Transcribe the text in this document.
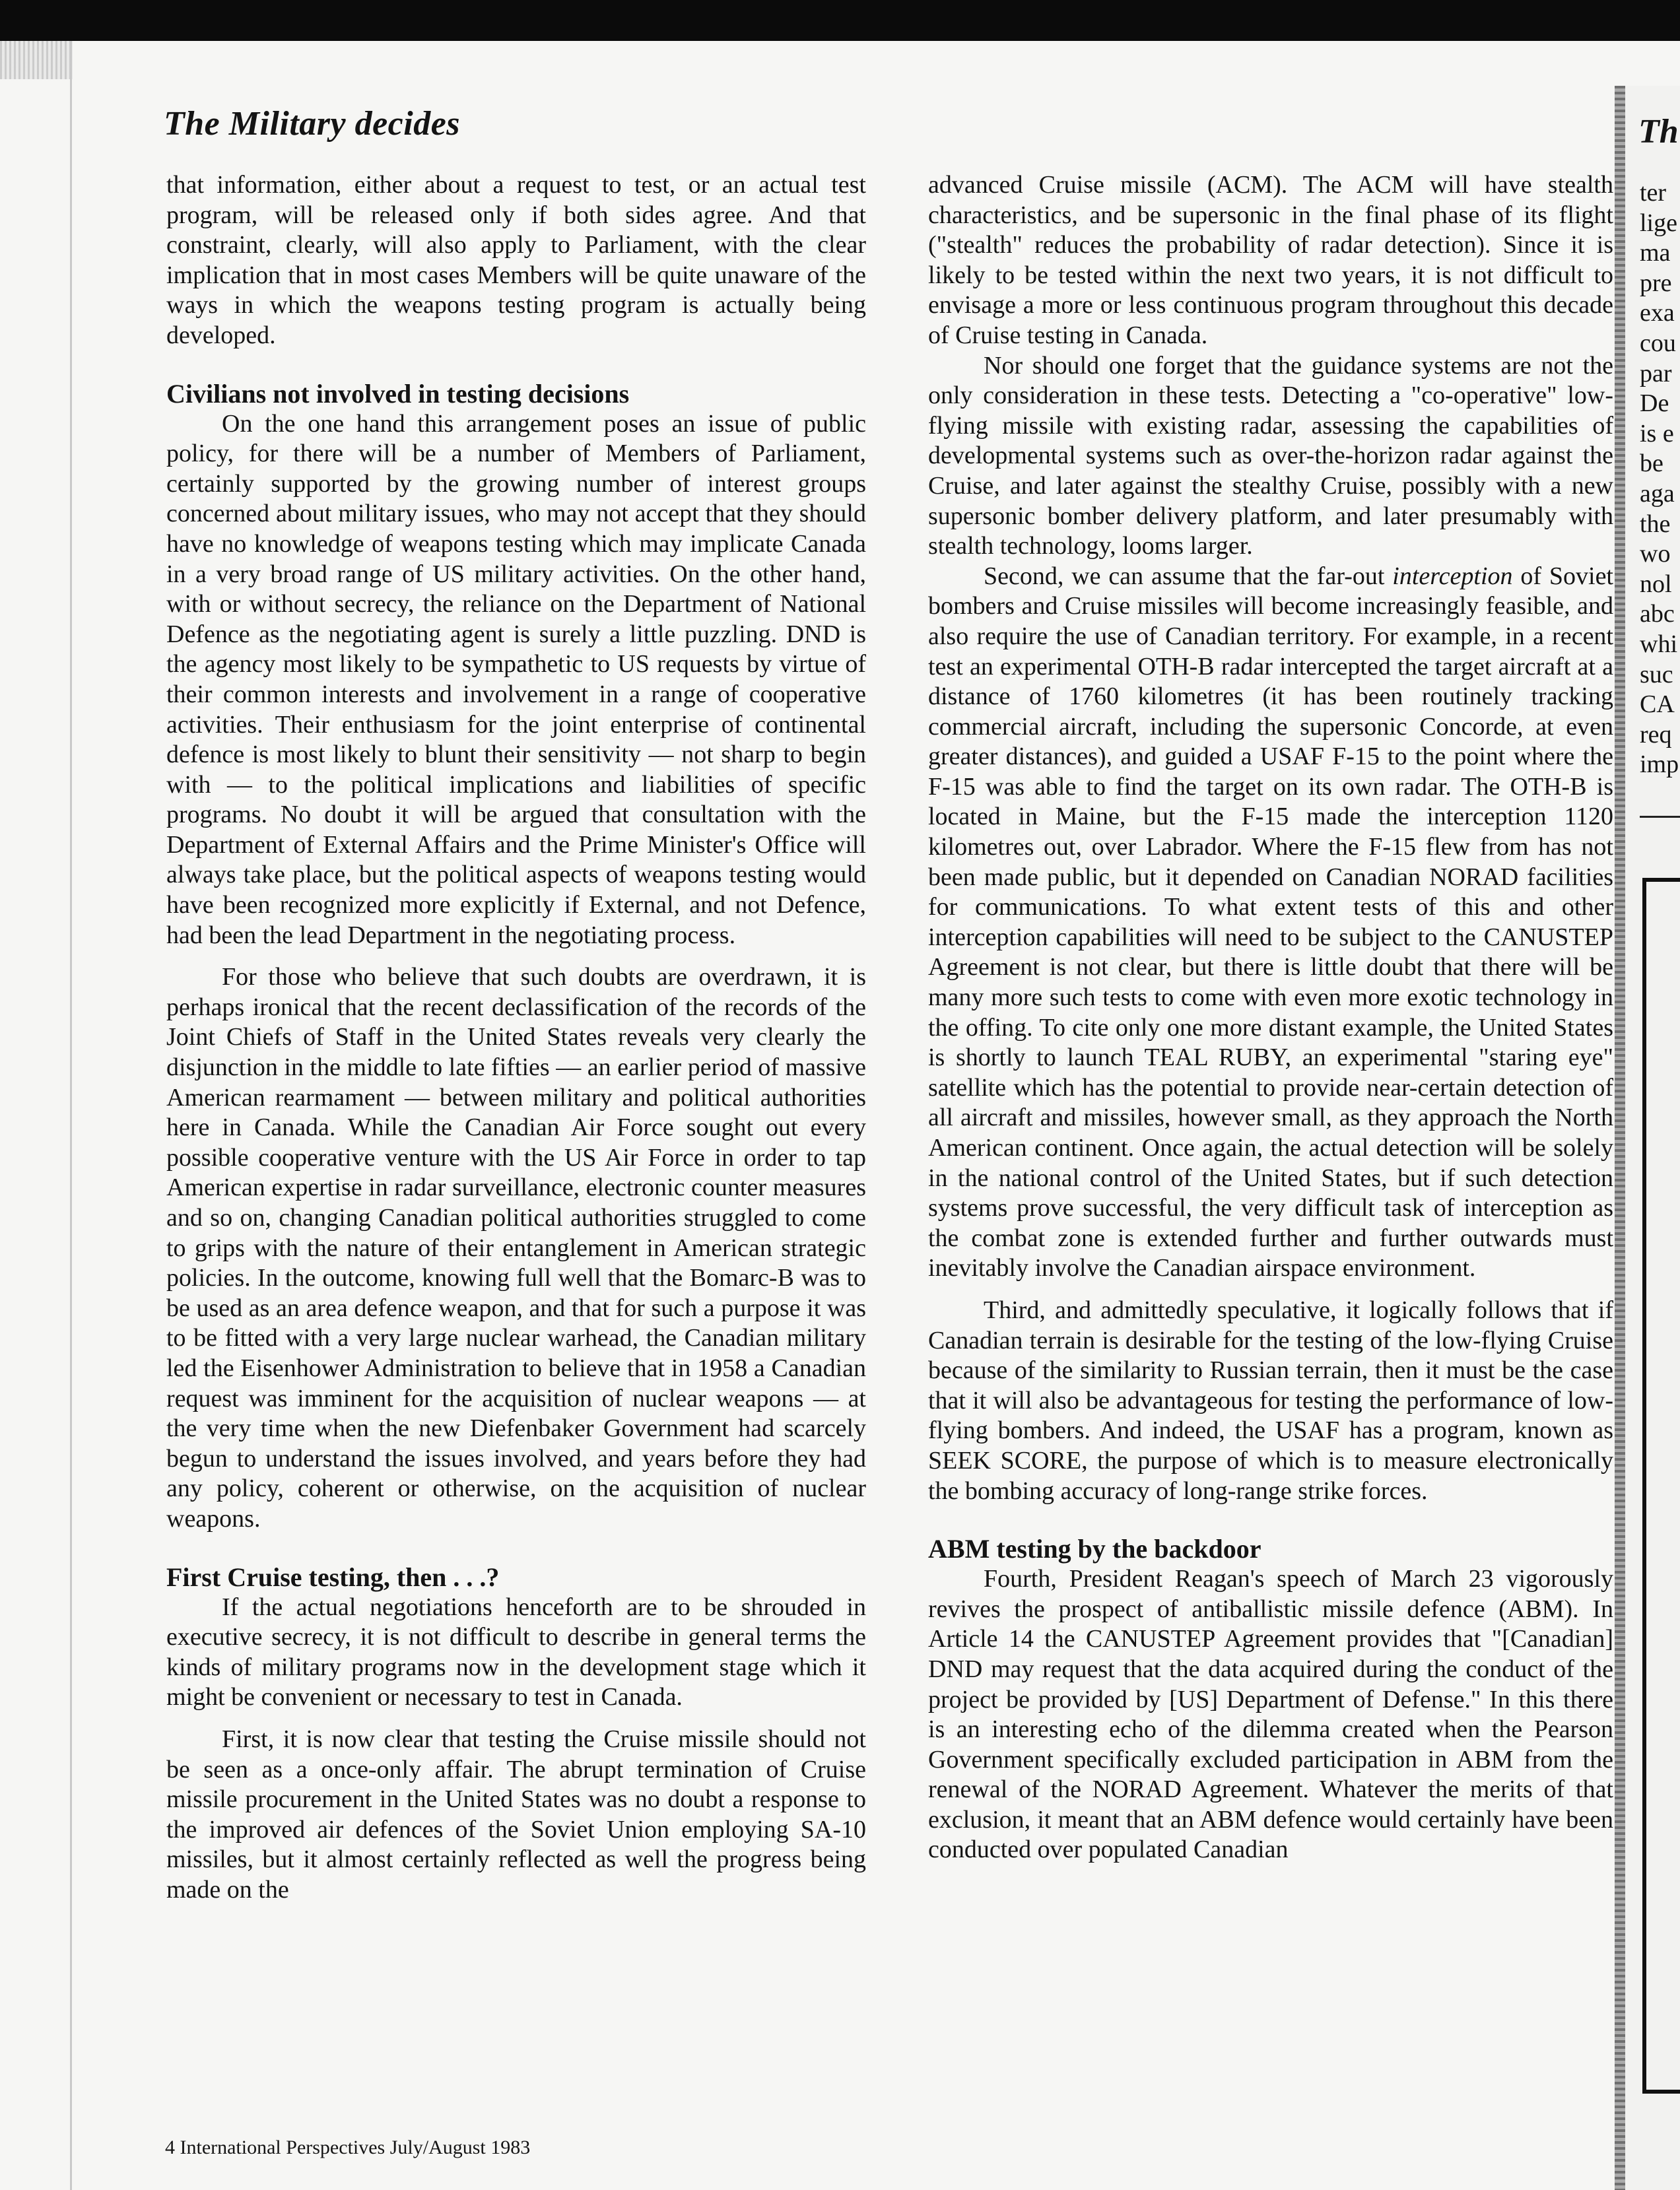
The Military decides

that information, either about a request to test, or an actual test program, will be released only if both sides agree. And that constraint, clearly, will also apply to Parliament, with the clear implication that in most cases Members will be quite unaware of the ways in which the weapons testing program is actually being developed.

Civilians not involved in testing decisions

On the one hand this arrangement poses an issue of public policy, for there will be a number of Members of Parliament, certainly supported by the growing number of interest groups concerned about military issues, who may not accept that they should have no knowledge of weapons testing which may implicate Canada in a very broad range of US military activities. On the other hand, with or without secrecy, the reliance on the Department of National Defence as the negotiating agent is surely a little puzzling. DND is the agency most likely to be sympathetic to US requests by virtue of their common interests and involvement in a range of cooperative activities. Their enthusiasm for the joint enterprise of continental defence is most likely to blunt their sensitivity — not sharp to begin with — to the political implications and liabilities of specific programs. No doubt it will be argued that consultation with the Department of External Affairs and the Prime Minister's Office will always take place, but the political aspects of weapons testing would have been recognized more explicitly if External, and not Defence, had been the lead Department in the negotiating process.

For those who believe that such doubts are overdrawn, it is perhaps ironical that the recent declassification of the records of the Joint Chiefs of Staff in the United States reveals very clearly the disjunction in the middle to late fifties — an earlier period of massive American rearmament — between military and political authorities here in Canada. While the Canadian Air Force sought out every possible cooperative venture with the US Air Force in order to tap American expertise in radar surveillance, electronic counter measures and so on, changing Canadian political authorities struggled to come to grips with the nature of their entanglement in American strategic policies. In the outcome, knowing full well that the Bomarc-B was to be used as an area defence weapon, and that for such a purpose it was to be fitted with a very large nuclear warhead, the Canadian military led the Eisenhower Administration to believe that in 1958 a Canadian request was imminent for the acquisition of nuclear weapons — at the very time when the new Diefenbaker Government had scarcely begun to understand the issues involved, and years before they had any policy, coherent or otherwise, on the acquisition of nuclear weapons.

First Cruise testing, then . . .?

If the actual negotiations henceforth are to be shrouded in executive secrecy, it is not difficult to describe in general terms the kinds of military programs now in the development stage which it might be convenient or necessary to test in Canada.

First, it is now clear that testing the Cruise missile should not be seen as a once-only affair. The abrupt termination of Cruise missile procurement in the United States was no doubt a response to the improved air defences of the Soviet Union employing SA-10 missiles, but it almost certainly reflected as well the progress being made on the

advanced Cruise missile (ACM). The ACM will have stealth characteristics, and be supersonic in the final phase of its flight ("stealth" reduces the probability of radar detection). Since it is likely to be tested within the next two years, it is not difficult to envisage a more or less continuous program throughout this decade of Cruise testing in Canada.

Nor should one forget that the guidance systems are not the only consideration in these tests. Detecting a "co-operative" low-flying missile with existing radar, assessing the capabilities of developmental systems such as over-the-horizon radar against the Cruise, and later against the stealthy Cruise, possibly with a new supersonic bomber delivery platform, and later presumably with stealth technology, looms larger.

Second, we can assume that the far-out interception of Soviet bombers and Cruise missiles will become increasingly feasible, and also require the use of Canadian territory. For example, in a recent test an experimental OTH-B radar intercepted the target aircraft at a distance of 1760 kilometres (it has been routinely tracking commercial aircraft, including the supersonic Concorde, at even greater distances), and guided a USAF F-15 to the point where the F-15 was able to find the target on its own radar. The OTH-B is located in Maine, but the F-15 made the interception 1120 kilometres out, over Labrador. Where the F-15 flew from has not been made public, but it depended on Canadian NORAD facilities for communications. To what extent tests of this and other interception capabilities will need to be subject to the CANUSTEP Agreement is not clear, but there is little doubt that there will be many more such tests to come with even more exotic technology in the offing. To cite only one more distant example, the United States is shortly to launch TEAL RUBY, an experimental "staring eye" satellite which has the potential to provide near-certain detection of all aircraft and missiles, however small, as they approach the North American continent. Once again, the actual detection will be solely in the national control of the United States, but if such detection systems prove successful, the very difficult task of interception as the combat zone is extended further and further outwards must inevitably involve the Canadian airspace environment.

Third, and admittedly speculative, it logically follows that if Canadian terrain is desirable for the testing of the low-flying Cruise because of the similarity to Russian terrain, then it must be the case that it will also be advantageous for testing the performance of low-flying bombers. And indeed, the USAF has a program, known as SEEK SCORE, the purpose of which is to measure electronically the bombing accuracy of long-range strike forces.

ABM testing by the backdoor

Fourth, President Reagan's speech of March 23 vigorously revives the prospect of antiballistic missile defence (ABM). In Article 14 the CANUSTEP Agreement provides that "[Canadian] DND may request that the data acquired during the conduct of the project be provided by [US] Department of Defense." In this there is an interesting echo of the dilemma created when the Pearson Government specifically excluded participation in ABM from the renewal of the NORAD Agreement. Whatever the merits of that exclusion, it meant that an ABM defence would certainly have been conducted over populated Canadian

4 International Perspectives July/August 1983
Th
ter
lige
ma
pre
exa
cou
par
De
is e
be
aga
the
wo
nol
abc
whi
suc
CA
req
imp
